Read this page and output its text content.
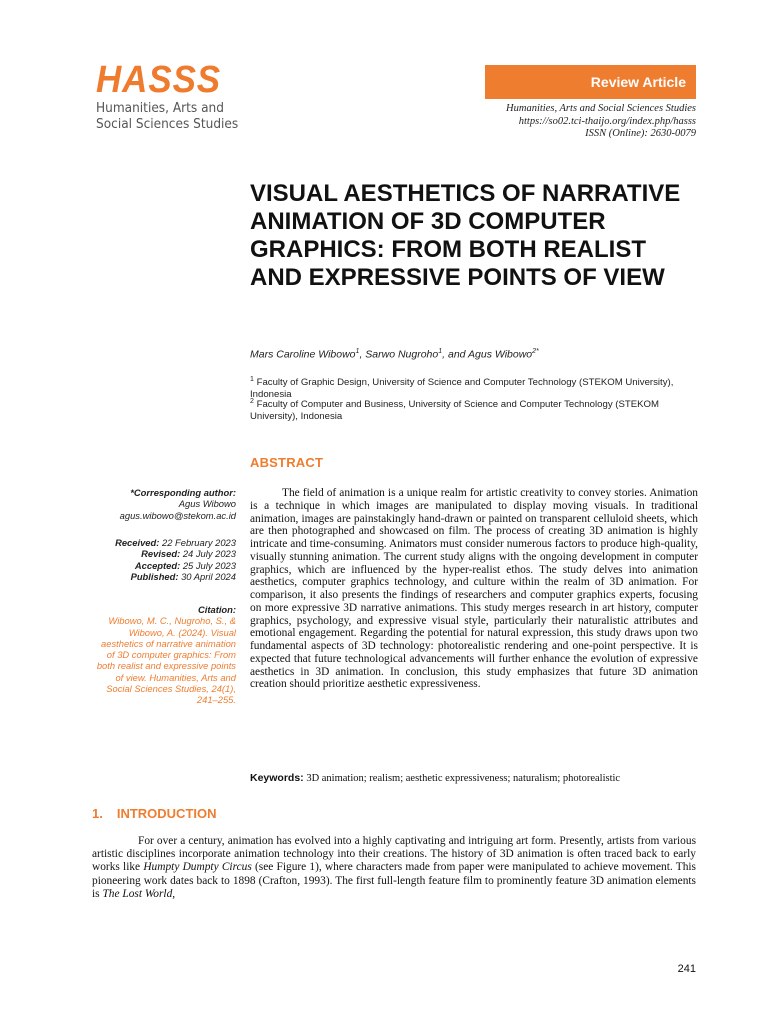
HASSS
Humanities, Arts and
Social Sciences Studies
Review Article
Humanities, Arts and Social Sciences Studies
https://so02.tci-thaijo.org/index.php/hasss
ISSN (Online): 2630-0079
VISUAL AESTHETICS OF NARRATIVE ANIMATION OF 3D COMPUTER GRAPHICS: FROM BOTH REALIST AND EXPRESSIVE POINTS OF VIEW
Mars Caroline Wibowo$^1$, Sarwo Nugroho$^1$, and Agus Wibowo$^{2*}$
$^1$ Faculty of Graphic Design, University of Science and Computer Technology (STEKOM University), Indonesia
$^2$ Faculty of Computer and Business, University of Science and Computer Technology (STEKOM University), Indonesia
ABSTRACT

The field of animation is a unique realm for artistic creativity to convey stories. Animation is a technique in which images are manipulated to display moving visuals. In traditional animation, images are painstakingly hand-drawn or painted on transparent celluloid sheets, which are then photographed and showcased on film. The process of creating 3D animation is highly intricate and time-consuming. Animators must consider numerous factors to produce high-quality, visually stunning animation. The current study aligns with the ongoing development in computer graphics, which are influenced by the hyper-realist ethos. The study delves into animation aesthetics, computer graphics technology, and culture within the realm of 3D animation. For comparison, it also presents the findings of researchers and computer graphics experts, focusing on more expressive 3D narrative animations. This study merges research in art history, computer graphics, psychology, and expressive visual style, particularly their naturalistic attributes and emotional engagement. Regarding the potential for natural expression, this study draws upon two fundamental aspects of 3D technology: photorealistic rendering and one-point perspective. It is expected that future technological advancements will further enhance the evolution of expressive aesthetics in 3D animation. In conclusion, this study emphasizes that future 3D animation creation should prioritize aesthetic expressiveness.

Keywords: 3D animation; realism; aesthetic expressiveness; naturalism; photorealistic
*Corresponding author:
Agus Wibowo
agus.wibowo@stekom.ac.id
Received: 22 February 2023
Revised: 24 July 2023
Accepted: 25 July 2023
Published: 30 April 2024
Citation:
Wibowo, M. C., Nugroho, S., & Wibowo, A. (2024). Visual aesthetics of narrative animation of 3D computer graphics: From both realist and expressive points of view. Humanities, Arts and Social Sciences Studies, 24(1), 241–255.
1. INTRODUCTION

For over a century, animation has evolved into a highly captivating and intriguing art form. Presently, artists from various artistic disciplines incorporate animation technology into their creations. The history of 3D animation is often traced back to early works like Humpty Dumpty Circus (see Figure 1), where characters made from paper were manipulated to achieve movement. This pioneering work dates back to 1898 (Crafton, 1993). The first full-length feature film to prominently feature 3D animation elements is The Lost World,

241
